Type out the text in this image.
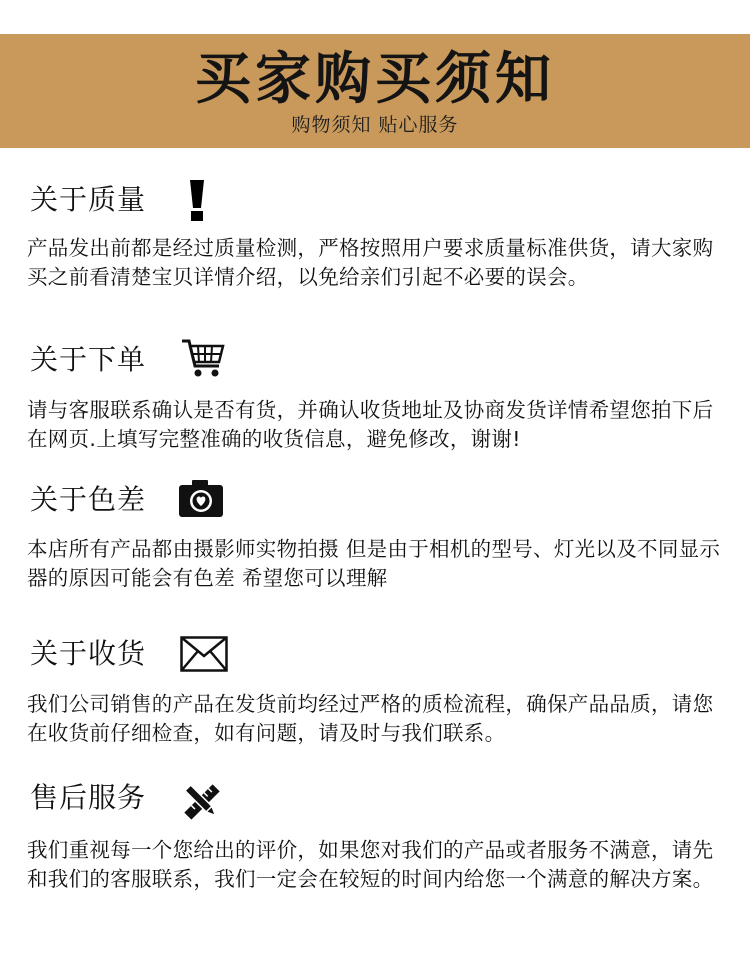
买家购买须知
购物须知 贴心服务
关于质量
产品发出前都是经过质量检测，严格按照用户要求质量标准供货，请大家购买之前看清楚宝贝详情介绍，以免给亲们引起不必要的误会。
关于下单
请与客服联系确认是否有货，并确认收货地址及协商发货详情希望您拍下后在网页.上填写完整准确的收货信息，避免修改，谢谢!
关于色差
本店所有产品都由摄影师实物拍摄 但是由于相机的型号、灯光以及不同显示器的原因可能会有色差 希望您可以理解
关于收货
我们公司销售的产品在发货前均经过严格的质检流程，确保产品品质，请您在收货前仔细检查，如有问题，请及时与我们联系。
售后服务
我们重视每一个您给出的评价，如果您对我们的产品或者服务不满意，请先和我们的客服联系，我们一定会在较短的时间内给您一个满意的解决方案。
